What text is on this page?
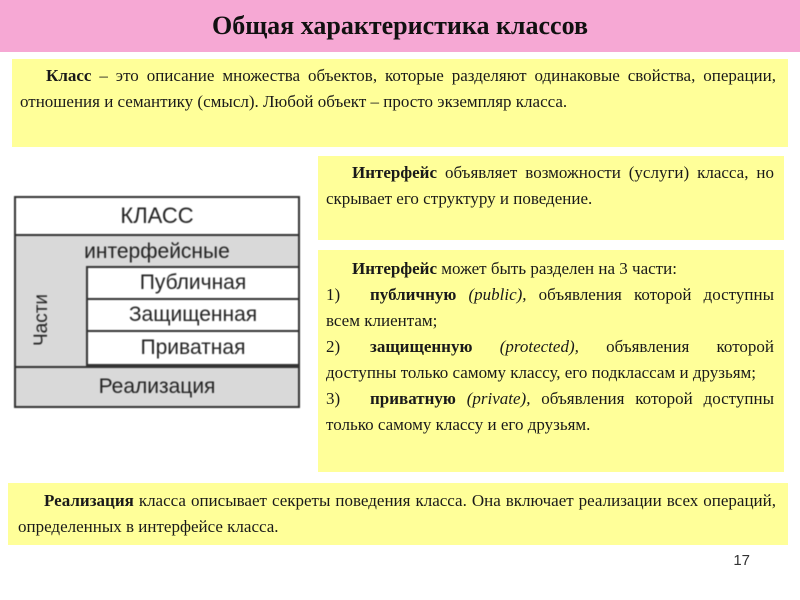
Общая характеристика классов
Класс – это описание множества объектов, которые разделяют одинаковые свойства, операции, отношения и семантику (смысл). Любой объект – просто экземпляр класса.
КЛАСС
интерфейсные
Части
Публичная
Защищенная
Приватная
Реализация
Интерфейс объявляет возможности (услуги) класса, но скрывает его структуру и поведение.
Интерфейс может быть разделен на 3 части:
1) публичную (public), объявления которой доступны всем клиентам;
2) защищенную (protected), объявления которой доступны только самому классу, его подклассам и друзьям;
3) приватную (private), объявления которой доступны только самому классу и его друзьям.
Реализация класса описывает секреты поведения класса. Она включает реализации всех операций, определенных в интерфейсе класса.
17
